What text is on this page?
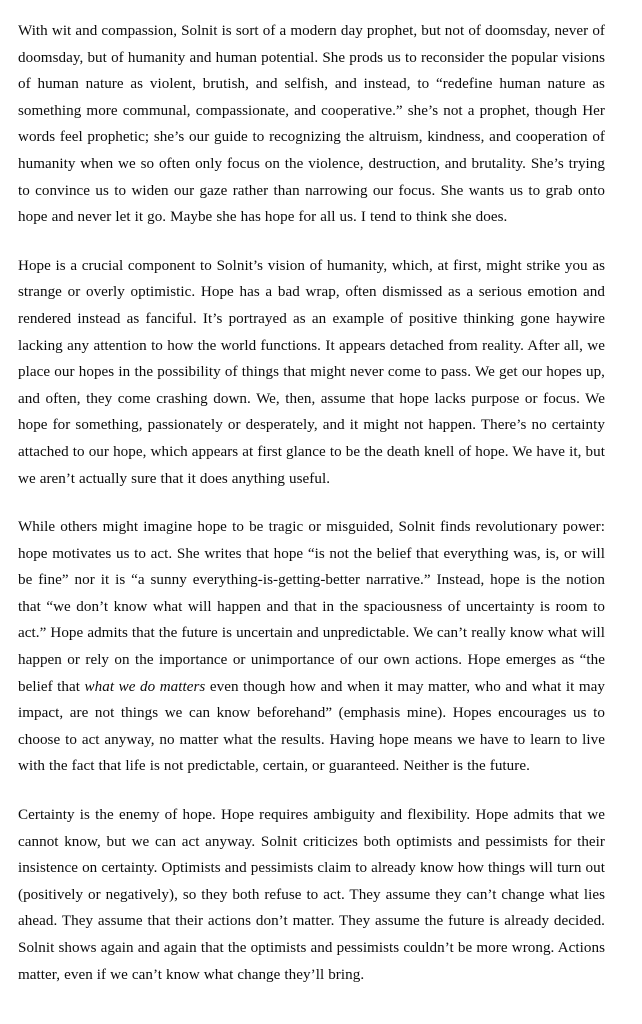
With wit and compassion, Solnit is sort of a modern day prophet, but not of doomsday, never of doomsday, but of humanity and human potential. She prods us to reconsider the popular visions of human nature as violent, brutish, and selfish, and instead, to “redefine human nature as something more communal, compassionate, and cooperative.” she’s not a prophet, though Her words feel prophetic; she’s our guide to recognizing the altruism, kindness, and cooperation of humanity when we so often only focus on the violence, destruction, and brutality. She’s trying to convince us to widen our gaze rather than narrowing our focus. She wants us to grab onto hope and never let it go. Maybe she has hope for all us. I tend to think she does.

Hope is a crucial component to Solnit’s vision of humanity, which, at first, might strike you as strange or overly optimistic. Hope has a bad wrap, often dismissed as a serious emotion and rendered instead as fanciful. It’s portrayed as an example of positive thinking gone haywire lacking any attention to how the world functions. It appears detached from reality. After all, we place our hopes in the possibility of things that might never come to pass. We get our hopes up, and often, they come crashing down. We, then, assume that hope lacks purpose or focus. We hope for something, passionately or desperately, and it might not happen. There’s no certainty attached to our hope, which appears at first glance to be the death knell of hope. We have it, but we aren’t actually sure that it does anything useful.

While others might imagine hope to be tragic or misguided, Solnit finds revolutionary power: hope motivates us to act. She writes that hope “is not the belief that everything was, is, or will be fine” nor it is “a sunny everything-is-getting-better narrative.” Instead, hope is the notion that “we don’t know what will happen and that in the spaciousness of uncertainty is room to act.” Hope admits that the future is uncertain and unpredictable. We can’t really know what will happen or rely on the importance or unimportance of our own actions. Hope emerges as “the belief that what we do matters even though how and when it may matter, who and what it may impact, are not things we can know beforehand” (emphasis mine). Hopes encourages us to choose to act anyway, no matter what the results. Having hope means we have to learn to live with the fact that life is not predictable, certain, or guaranteed. Neither is the future.

Certainty is the enemy of hope. Hope requires ambiguity and flexibility. Hope admits that we cannot know, but we can act anyway. Solnit criticizes both optimists and pessimists for their insistence on certainty. Optimists and pessimists claim to already know how things will turn out (positively or negatively), so they both refuse to act. They assume they can’t change what lies ahead. They assume that their actions don’t matter. They assume the future is already decided. Solnit shows again and again that the optimists and pessimists couldn’t be more wrong. Actions matter, even if we can’t know what change they’ll bring.
